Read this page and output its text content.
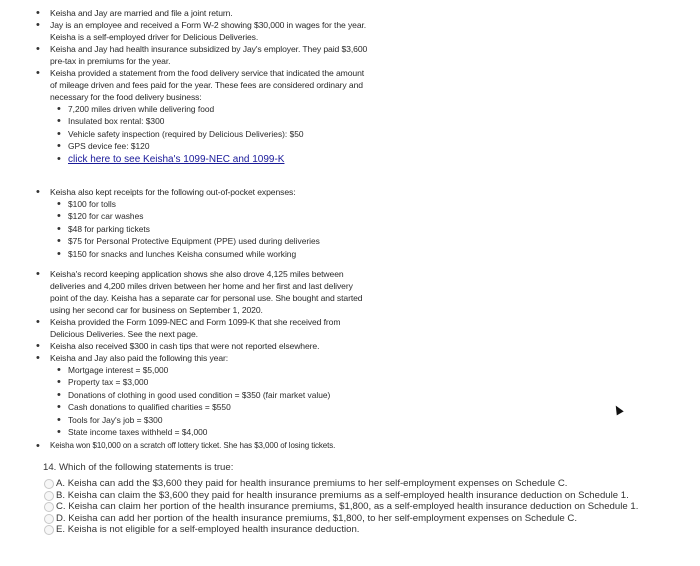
• Keisha and Jay are married and file a joint return.
• Jay is an employee and received a Form W-2 showing $30,000 in wages for the year. Keisha is a self-employed driver for Delicious Deliveries.
• Keisha and Jay had health insurance subsidized by Jay's employer. They paid $3,600 pre-tax in premiums for the year.
• Keisha provided a statement from the food delivery service that indicated the amount of mileage driven and fees paid for the year. These fees are considered ordinary and necessary for the food delivery business:
• 7,200 miles driven while delivering food
• Insulated box rental: $300
• Vehicle safety inspection (required by Delicious Deliveries): $50
• GPS device fee: $120
• click here to see Keisha's 1099-NEC and 1099-K
• Keisha also kept receipts for the following out-of-pocket expenses:
• $100 for tolls
• $120 for car washes
• $48 for parking tickets
• $75 for Personal Protective Equipment (PPE) used during deliveries
• $150 for snacks and lunches Keisha consumed while working
• Keisha's record keeping application shows she also drove 4,125 miles between deliveries and 4,200 miles driven between her home and her first and last delivery point of the day. Keisha has a separate car for personal use. She bought and started using her second car for business on September 1, 2020.
• Keisha provided the Form 1099-NEC and Form 1099-K that she received from Delicious Deliveries. See the next page.
• Keisha also received $300 in cash tips that were not reported elsewhere.
• Keisha and Jay also paid the following this year:
• Mortgage interest = $5,000
• Property tax = $3,000
• Donations of clothing in good used condition = $350 (fair market value)
• Cash donations to qualified charities = $550
• Tools for Jay's job = $300
• State income taxes withheld = $4,000
• Keisha won $10,000 on a scratch off lottery ticket. She has $3,000 of losing tickets.
14. Which of the following statements is true:
A. Keisha can add the $3,600 they paid for health insurance premiums to her self-employment expenses on Schedule C.
B. Keisha can claim the $3,600 they paid for health insurance premiums as a self-employed health insurance deduction on Schedule 1.
C. Keisha can claim her portion of the health insurance premiums, $1,800, as a self-employed health insurance deduction on Schedule 1.
D. Keisha can add her portion of the health insurance premiums, $1,800, to her self-employment expenses on Schedule C.
E. Keisha is not eligible for a self-employed health insurance deduction.
